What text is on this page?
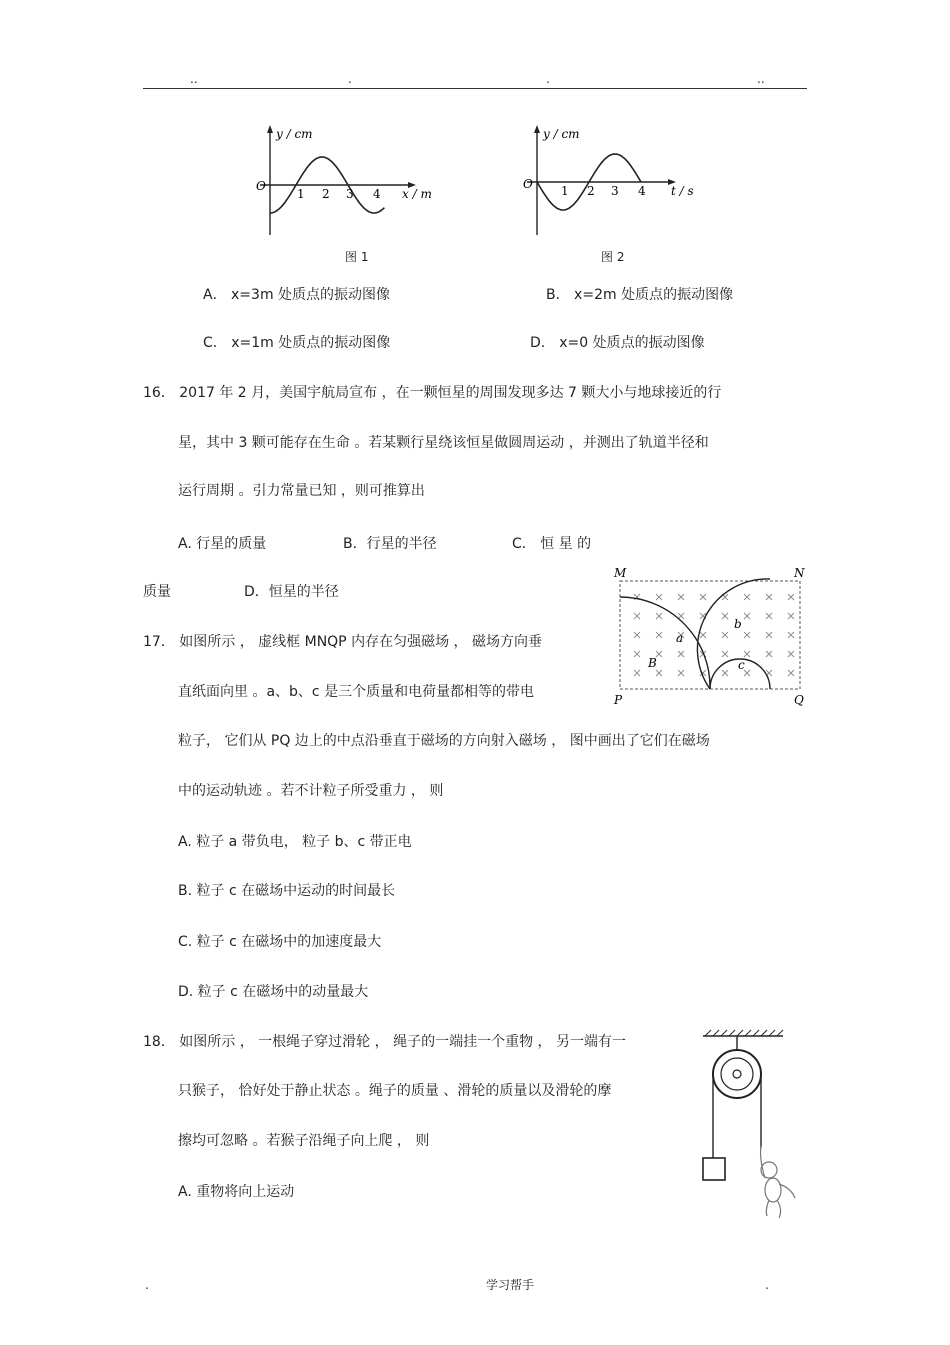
..	.	.	..
y / cm
O
1 2 3 4 x / m
图 1
y / cm
O 1 2 3 4 t / s
图 2
A． x=3m 处质点的振动图像	B． x=2m 处质点的振动图像
C． x=1m 处质点的振动图像	D． x=0 处质点的振动图像
16． 2017 年 2 月，美国宇航局宣布 ，在一颗恒星的周围发现多达 7 颗大小与地球接近的行
星，其中 3 颗可能存在生命 。若某颗行星绕该恒星做圆周运动 ，并测出了轨道半径和
运行周期 。引力常量已知 ，则可推算出
A. 行星的质量	B．行星的半径	C． 恒 星 的
质量	D．恒星的半径
M	N
P	Q
a
b
c
B
17． 如图所示 ， 虚线框 MNQP 内存在匀强磁场 ， 磁场方向垂
直纸面向里 。a、b、c 是三个质量和电荷量都相等的带电
粒子， 它们从 PQ 边上的中点沿垂直于磁场的方向射入磁场 ， 图中画出了它们在磁场
中的运动轨迹 。若不计粒子所受重力 ， 则
A. 粒子 a 带负电， 粒子 b、c 带正电
B. 粒子 c 在磁场中运动的时间最长
C. 粒子 c 在磁场中的加速度最大
D. 粒子 c 在磁场中的动量最大
18． 如图所示 ， 一根绳子穿过滑轮 ， 绳子的一端挂一个重物 ， 另一端有一
只猴子， 恰好处于静止状态 。绳子的质量 、滑轮的质量以及滑轮的摩
擦均可忽略 。若猴子沿绳子向上爬 ， 则
A. 重物将向上运动
.	学习帮手	.
